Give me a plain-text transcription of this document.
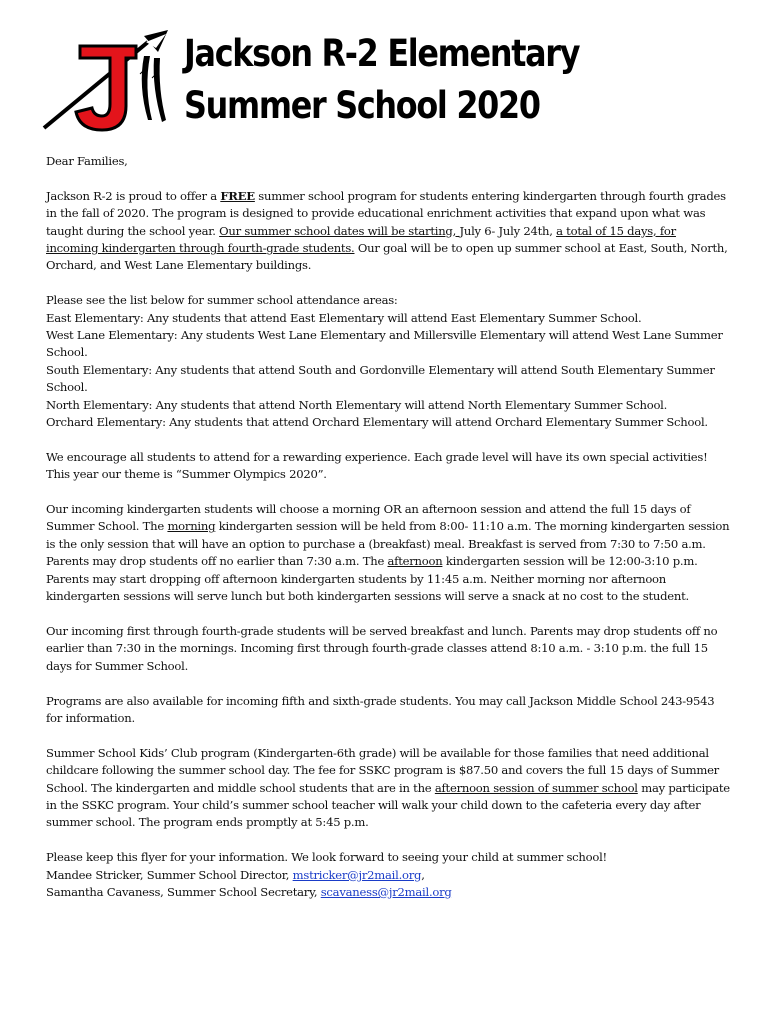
Jackson R-2 Elementary
Summer School 2020

Dear Families,

Jackson R-2 is proud to offer a FREE summer school program for students entering kindergarten through fourth grades in the fall of 2020. The program is designed to provide educational enrichment activities that expand upon what was taught during the school year. Our summer school dates will be starting, July 6- July 24th, a total of 15 days, for incoming kindergarten through fourth-grade students. Our goal will be to open up summer school at East, South, North, Orchard, and West Lane Elementary buildings.

Please see the list below for summer school attendance areas:

East Elementary: Any students that attend East Elementary will attend East Elementary Summer School.

West Lane Elementary: Any students West Lane Elementary and Millersville Elementary will attend West Lane Summer School.

South Elementary: Any students that attend South and Gordonville Elementary will attend South Elementary Summer School.

North Elementary: Any students that attend North Elementary will attend North Elementary Summer School.

Orchard Elementary: Any students that attend Orchard Elementary will attend Orchard Elementary Summer School.

We encourage all students to attend for a rewarding experience. Each grade level will have its own special activities! This year our theme is “Summer Olympics 2020”.

Our incoming kindergarten students will choose a morning OR an afternoon session and attend the full 15 days of Summer School. The morning kindergarten session will be held from 8:00- 11:10 a.m. The morning kindergarten session is the only session that will have an option to purchase a (breakfast) meal. Breakfast is served from 7:30 to 7:50 a.m. Parents may drop students off no earlier than 7:30 a.m. The afternoon kindergarten session will be 12:00-3:10 p.m. Parents may start dropping off afternoon kindergarten students by 11:45 a.m. Neither morning nor afternoon kindergarten sessions will serve lunch but both kindergarten sessions will serve a snack at no cost to the student.

Our incoming first through fourth-grade students will be served breakfast and lunch. Parents may drop students off no earlier than 7:30 in the mornings. Incoming first through fourth-grade classes attend 8:10 a.m. - 3:10 p.m. the full 15 days for Summer School.

Programs are also available for incoming fifth and sixth-grade students. You may call Jackson Middle School 243-9543 for information.

Summer School Kids’ Club program (Kindergarten-6th grade) will be available for those families that need additional childcare following the summer school day. The fee for SSKC program is $87.50 and covers the full 15 days of Summer School. The kindergarten and middle school students that are in the afternoon session of summer school may participate in the SSKC program. Your child’s summer school teacher will walk your child down to the cafeteria every day after summer school. The program ends promptly at 5:45 p.m.

Please keep this flyer for your information. We look forward to seeing your child at summer school!

Mandee Stricker, Summer School Director, mstricker@jr2mail.org,

Samantha Cavaness, Summer School Secretary, scavaness@jr2mail.org
